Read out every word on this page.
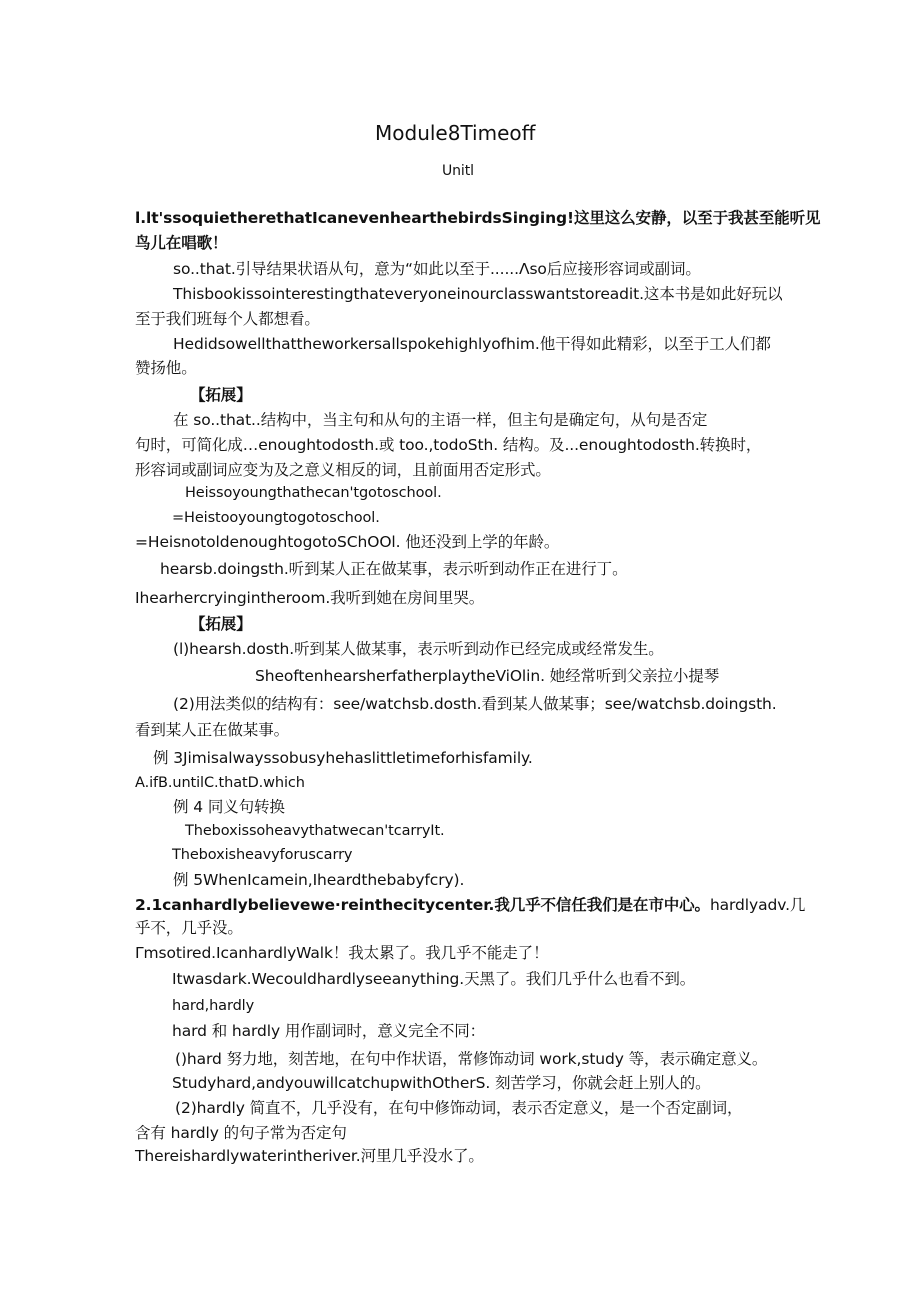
Module8Timeoff
Unitl
l.lt'ssoquietherethatIcanevenhearthebirdsSinging!这里这么安静，以至于我甚至能听见
鸟儿在唱歌！
so..that.引导结果状语从句，意为“如此以至于......Λso后应接形容词或副词。
Thisbookissointerestingthateveryoneinourclasswantstoreadit.这本书是如此好玩以
至于我们班每个人都想看。
Hedidsowellthattheworkersallspokehighlyofhim.他干得如此精彩，以至于工人们都
赞扬他。
【拓展】
在 so..that..结构中，当主句和从句的主语一样，但主句是确定句，从句是否定
句时，可简化成…enoughtodosth.或 too.,todoSth. 结构。及...enoughtodosth.转换时，
形容词或副词应变为及之意义相反的词，且前面用否定形式。
Heissoyoungthathecan'tgotoschool.
=Heistooyoungtogotoschool.
=HeisnotoldenoughtogotoSChOOl. 他还没到上学的年龄。
hearsb.doingsth.听到某人正在做某事，表示听到动作正在进行丁。
Ihearhercryingintheroom.我听到她在房间里哭。
【拓展】
(l)hearsh.dosth.听到某人做某事，表示听到动作已经完成或经常发生。
SheoftenhearsherfatherplaytheViOlin. 她经常听到父亲拉小提琴
(2)用法类似的结构有：see/watchsb.dosth.看到某人做某事；see/watchsb.doingsth.
看到某人正在做某事。
例 3Jimisalwayssobusyhehaslittletimeforhisfamily.
A.ifB.untilC.thatD.which
例 4 同义句转换
Theboxissoheavythatwecan'tcarryIt.
Theboxisheavyforuscarry
例 5WhenIcamein,Iheardthebabyfcry).
2.1canhardlybelievewe·reinthecitycenter.我几乎不信任我们是在市中心。hardlyadv.几
乎不，几乎没。
Γmsotired.IcanhardlyWalk！我太累了。我几乎不能走了！
Itwasdark.Wecouldhardlyseeanything.天黑了。我们几乎什么也看不到。
hard,hardly
hard 和 hardly 用作副词时，意义完全不同：
()hard 努力地，刻苦地，在句中作状语，常修饰动词 work,study 等，表示确定意义。
Studyhard,andyouwillcatchupwithOtherS. 刻苦学习，你就会赶上别人的。
(2)hardly 简直不，几乎没有，在句中修饰动词，表示否定意义，是一个否定副词，
含有 hardly 的句子常为否定句
Thereishardlywaterintheriver.河里几乎没水了。
